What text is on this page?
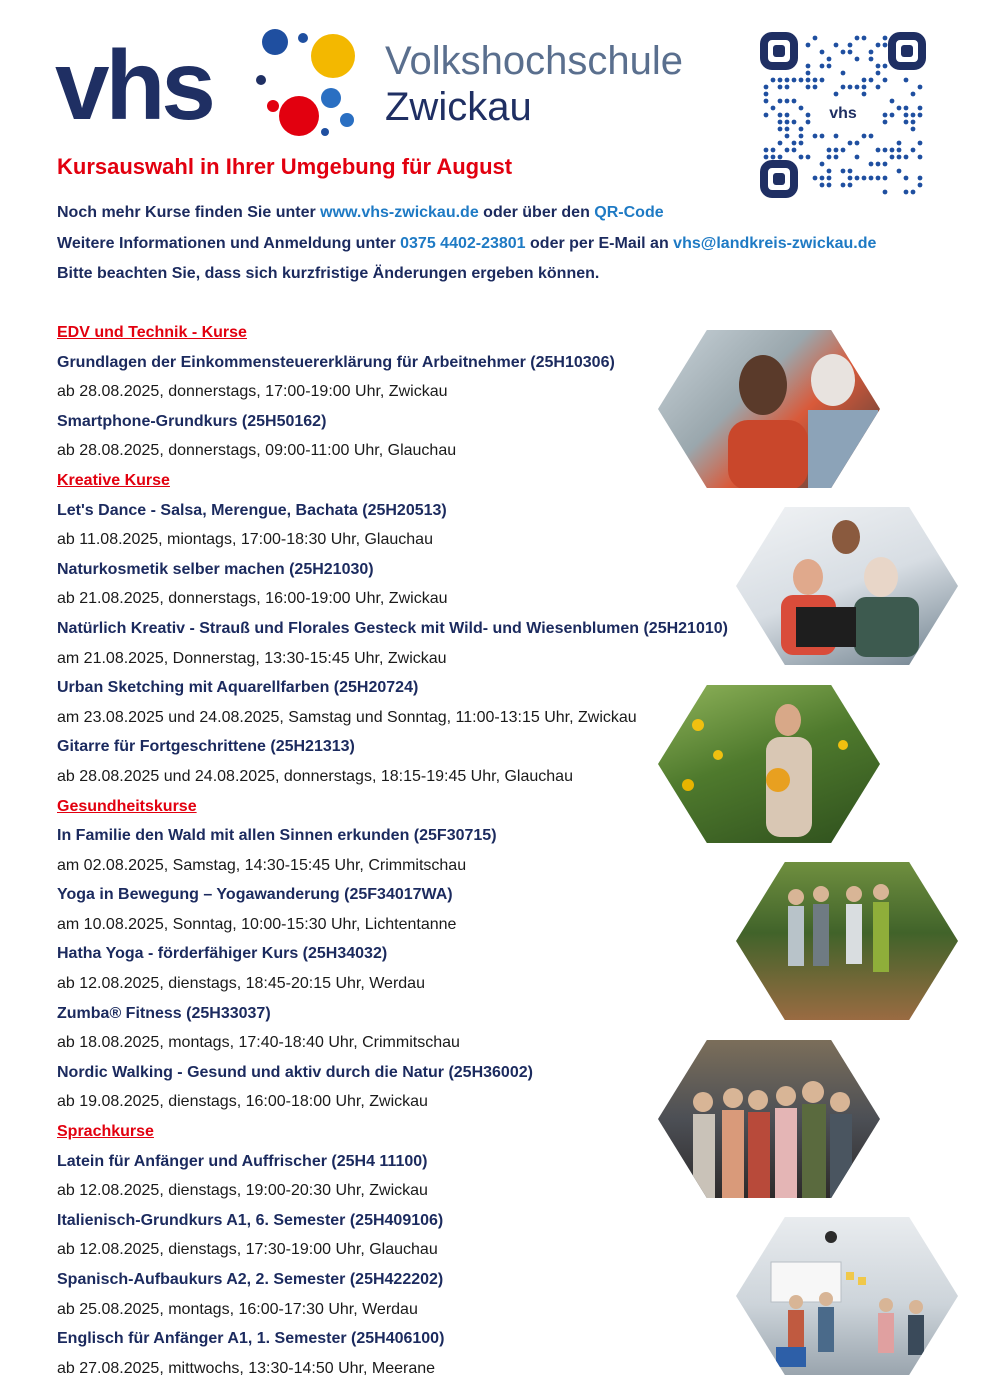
vhs	Volkshochschule
Zwickau	vhs
Kursauswahl in Ihrer Umgebung für August

Noch mehr Kurse finden Sie unter www.vhs-zwickau.de oder über den QR-Code

Weitere Informationen und Anmeldung unter 0375 4402-23801 oder per E-Mail an vhs@landkreis-zwickau.de

Bitte beachten Sie, dass sich kurzfristige Änderungen ergeben können.

EDV und Technik - Kurse
Grundlagen der Einkommensteuererklärung für Arbeitnehmer (25H10306)
ab 28.08.2025, donnerstags, 17:00-19:00 Uhr, Zwickau
Smartphone-Grundkurs (25H50162)
ab 28.08.2025, donnerstags, 09:00-11:00 Uhr, Glauchau
Kreative Kurse
Let's Dance - Salsa, Merengue, Bachata (25H20513)
ab 11.08.2025, miontags, 17:00-18:30 Uhr, Glauchau
Naturkosmetik selber machen (25H21030)
ab 21.08.2025, donnerstags, 16:00-19:00 Uhr, Zwickau
Natürlich Kreativ - Strauß und Florales Gesteck mit Wild- und Wiesenblumen (25H21010)
am 21.08.2025, Donnerstag, 13:30-15:45 Uhr, Zwickau
Urban Sketching mit Aquarellfarben (25H20724)
am 23.08.2025 und 24.08.2025, Samstag und Sonntag, 11:00-13:15 Uhr, Zwickau
Gitarre für Fortgeschrittene (25H21313)
ab 28.08.2025 und 24.08.2025, donnerstags, 18:15-19:45 Uhr, Glauchau
Gesundheitskurse
In Familie den Wald mit allen Sinnen erkunden (25F30715)
am 02.08.2025, Samstag, 14:30-15:45 Uhr, Crimmitschau
Yoga in Bewegung – Yogawanderung (25F34017WA)
am 10.08.2025, Sonntag, 10:00-15:30 Uhr, Lichtentanne
Hatha Yoga - förderfähiger Kurs (25H34032)
ab 12.08.2025, dienstags, 18:45-20:15 Uhr, Werdau
Zumba® Fitness (25H33037)
ab 18.08.2025, montags, 17:40-18:40 Uhr, Crimmitschau
Nordic Walking - Gesund und aktiv durch die Natur (25H36002)
ab 19.08.2025, dienstags, 16:00-18:00 Uhr, Zwickau
Sprachkurse
Latein für Anfänger und Auffrischer (25H4 11100)
ab 12.08.2025, dienstags, 19:00-20:30 Uhr, Zwickau
Italienisch-Grundkurs A1, 6. Semester (25H409106)
ab 12.08.2025, dienstags, 17:30-19:00 Uhr, Glauchau
Spanisch-Aufbaukurs A2, 2. Semester (25H422202)
ab 25.08.2025, montags, 16:00-17:30 Uhr, Werdau
Englisch für Anfänger A1, 1. Semester (25H406100)
ab 27.08.2025, mittwochs, 13:30-14:50 Uhr, Meerane
